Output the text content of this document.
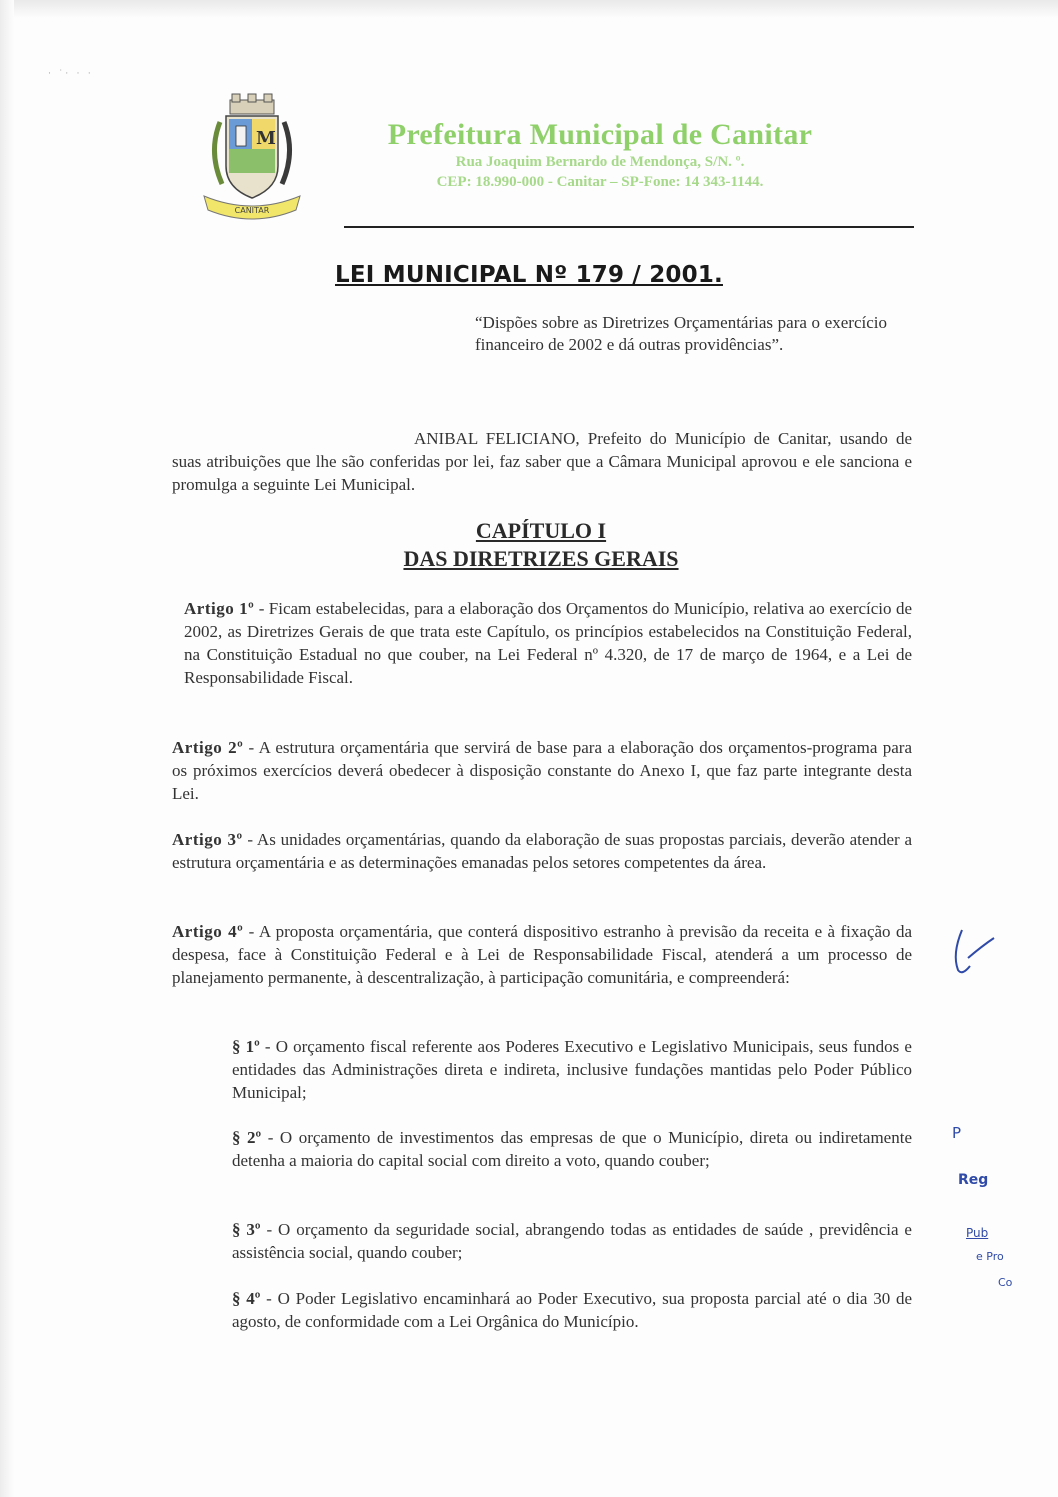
· ˙· · ·
M
CANITAR
Prefeitura Municipal de Canitar
Rua Joaquim Bernardo de Mendonça, S/N. º.
CEP: 18.990-000 - Canitar – SP-Fone: 14 343-1144.
LEI MUNICIPAL Nº 179 / 2001.
“Dispões sobre as Diretrizes Orçamentárias para o exercício financeiro de 2002 e dá outras providências”.
ANIBAL FELICIANO, Prefeito do Município de Canitar, usando de suas atribuições que lhe são conferidas por lei, faz saber que a Câmara Municipal aprovou e ele sanciona e promulga a seguinte Lei Municipal.
CAPÍTULO I
DAS DIRETRIZES GERAIS
Artigo 1º - Ficam estabelecidas, para a elaboração dos Orçamentos do Município, relativa ao exercício de 2002, as Diretrizes Gerais de que trata este Capítulo, os princípios estabelecidos na Constituição Federal, na Constituição Estadual no que couber, na Lei Federal nº 4.320, de 17 de março de 1964, e a Lei de Responsabilidade Fiscal.
Artigo 2º - A estrutura orçamentária que servirá de base para a elaboração dos orçamentos-programa para os próximos exercícios deverá obedecer à disposição constante do Anexo I, que faz parte integrante desta Lei.
Artigo 3º - As unidades orçamentárias, quando da elaboração de suas propostas parciais, deverão atender a estrutura orçamentária e as determinações emanadas pelos setores competentes da área.
Artigo 4º - A proposta orçamentária, que conterá dispositivo estranho à previsão da receita e à fixação da despesa, face à Constituição Federal e à Lei de Responsabilidade Fiscal, atenderá a um processo de planejamento permanente, à descentralização, à participação comunitária, e compreenderá:
§ 1º - O orçamento fiscal referente aos Poderes Executivo e Legislativo Municipais, seus fundos e entidades das Administrações direta e indireta, inclusive fundações mantidas pelo Poder Público Municipal;
§ 2º - O orçamento de investimentos das empresas de que o Município, direta ou indiretamente detenha a maioria do capital social com direito a voto, quando couber;
§ 3º - O orçamento da seguridade social, abrangendo todas as entidades de saúde , previdência e assistência social, quando couber;
§ 4º - O Poder Legislativo encaminhará ao Poder Executivo, sua proposta parcial até o dia 30 de agosto, de conformidade com a Lei Orgânica do Município.
P
Reg
Pub
e Pro
Co
